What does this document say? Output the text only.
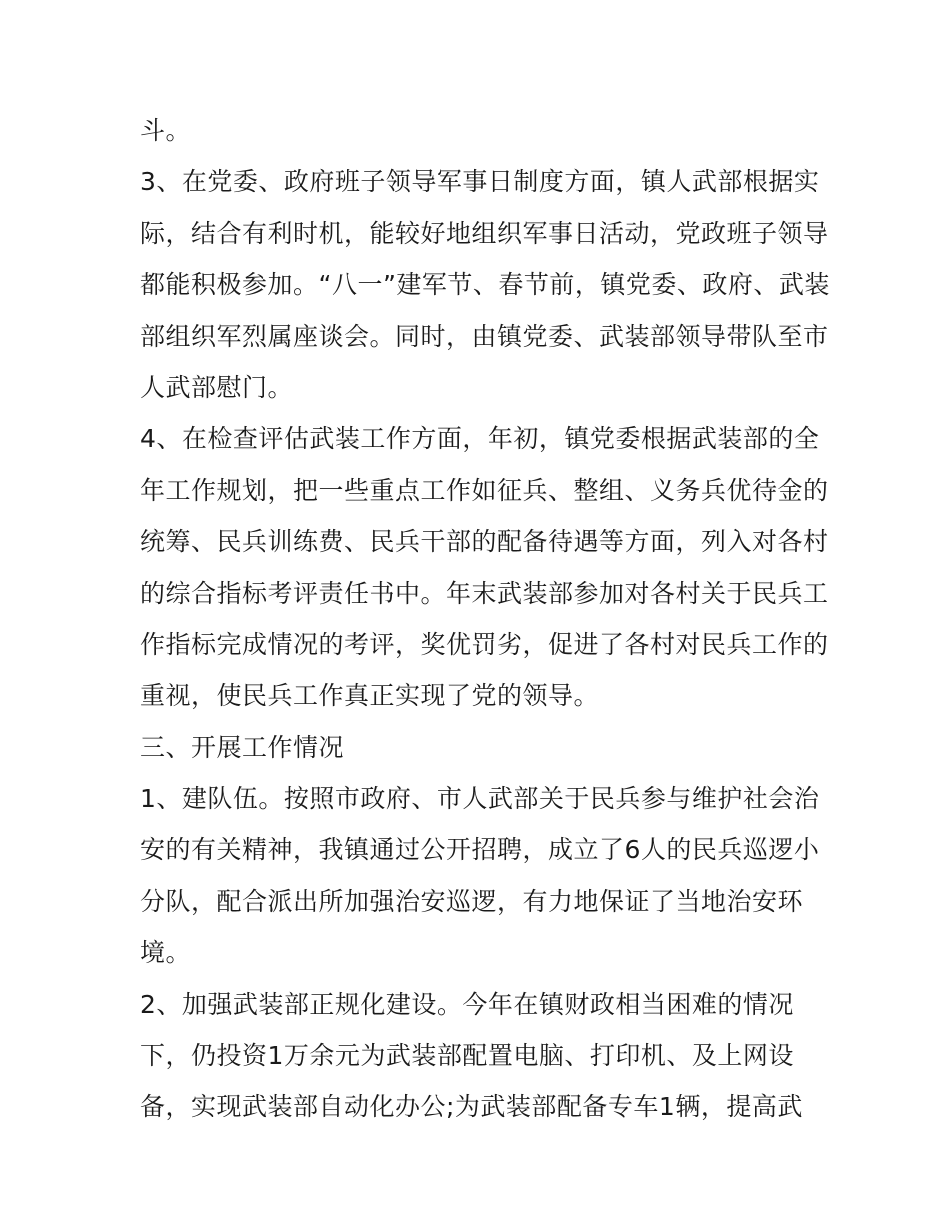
斗。
3、在党委、政府班子领导军事日制度方面，镇人武部根据实
际，结合有利时机，能较好地组织军事日活动，党政班子领导
都能积极参加。“八一”建军节、春节前，镇党委、政府、武装
部组织军烈属座谈会。同时，由镇党委、武装部领导带队至市
人武部慰门。
4、在检查评估武装工作方面，年初，镇党委根据武装部的全
年工作规划，把一些重点工作如征兵、整组、义务兵优待金的
统筹、民兵训练费、民兵干部的配备待遇等方面，列入对各村
的综合指标考评责任书中。年末武装部参加对各村关于民兵工
作指标完成情况的考评，奖优罚劣，促进了各村对民兵工作的
重视，使民兵工作真正实现了党的领导。
三、开展工作情况
1、建队伍。按照市政府、市人武部关于民兵参与维护社会治
安的有关精神，我镇通过公开招聘，成立了6人的民兵巡逻小
分队，配合派出所加强治安巡逻，有力地保证了当地治安环
境。
2、加强武装部正规化建设。今年在镇财政相当困难的情况
下，仍投资1万余元为武装部配置电脑、打印机、及上网设
备，实现武装部自动化办公;为武装部配备专车1辆，提高武
